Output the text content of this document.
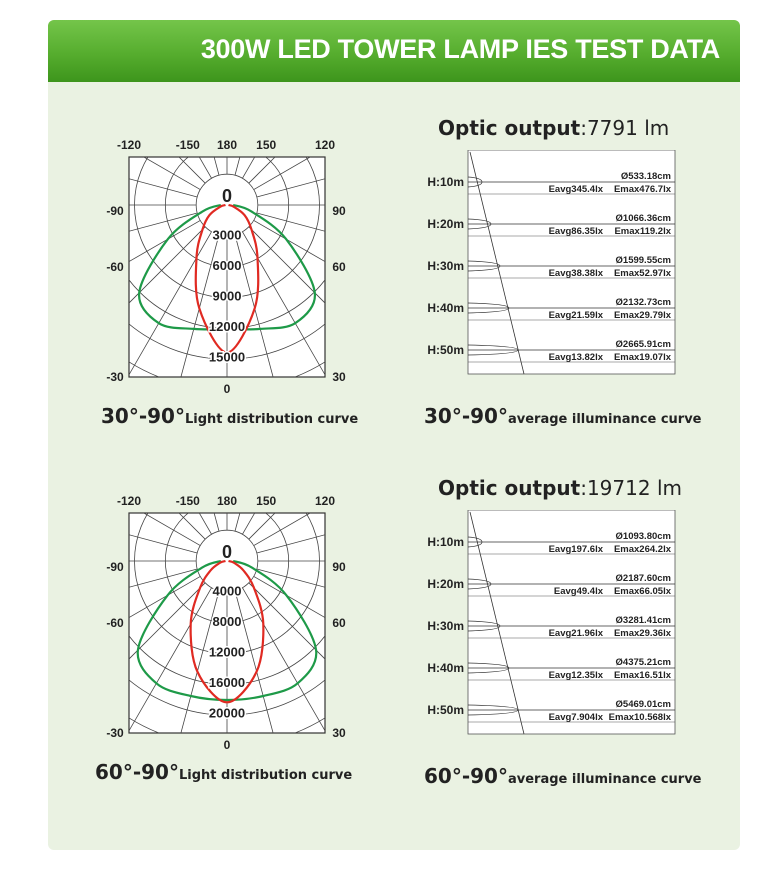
300W LED TOWER LAMP IES TEST DATA
3000
6000
9000
12000
15000
0
-120	-150 180 150	120
-90
-60
-30
90
60
30
0
30°-90°Light distribution curve
4000
8000
12000
16000
20000
0
-120	-150 180 150	120
-90
-60
-30
90
60
30
0
60°-90°Light distribution curve
Optic output:7791 lm
H:10m	Ø533.18cm
Emax476.7lx
Eavg345.4lx
H:20m	Ø1066.36cm
Emax119.2lx
Eavg86.35lx
H:30m	Ø1599.55cm
Emax52.97lx
Eavg38.38lx
H:40m	Ø2132.73cm
Emax29.79lx
Eavg21.59lx
H:50m	Ø2665.91cm
Emax19.07lx
Eavg13.82lx
30°-90°average illuminance curve
Optic output:19712 lm
H:10m	Ø1093.80cm
Emax264.2lx
Eavg197.6lx
H:20m	Ø2187.60cm
Emax66.05lx
Eavg49.4lx
H:30m	Ø3281.41cm
Emax29.36lx
Eavg21.96lx
H:40m	Ø4375.21cm
Emax16.51lx
Eavg12.35lx
H:50m	Ø5469.01cm
Emax10.568lx
Eavg7.904lx
60°-90°average illuminance curve
